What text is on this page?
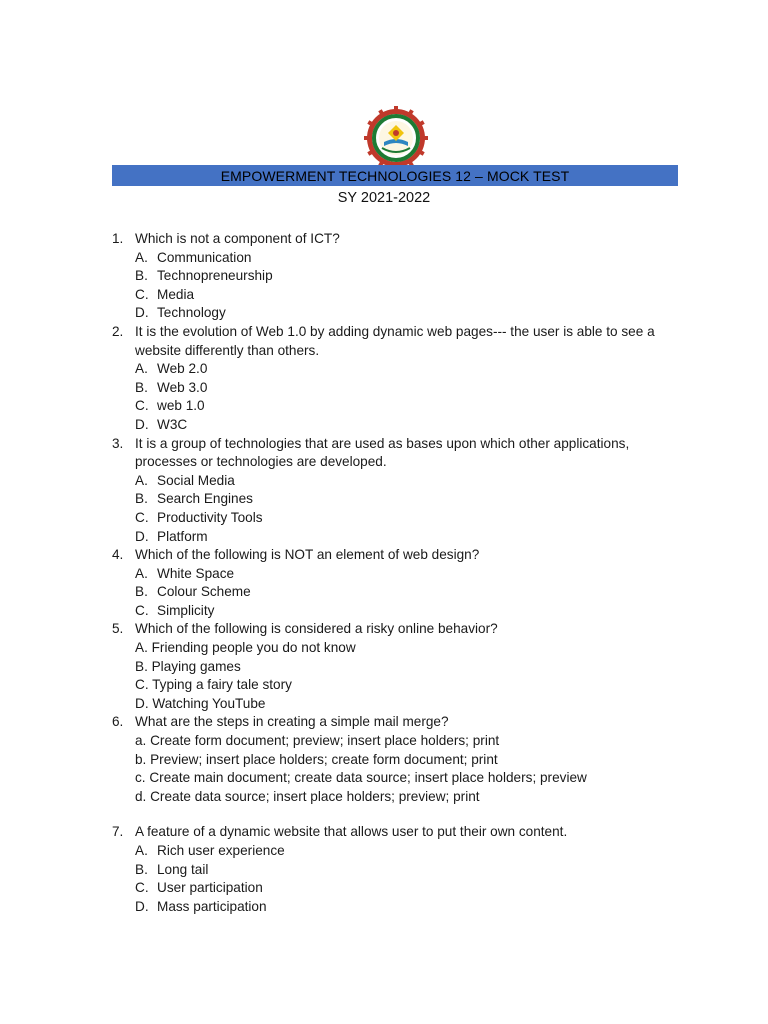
EMPOWERMENT TECHNOLOGIES 12 – MOCK TEST
SY 2021-2022
1. Which is not a component of ICT?
A. Communication
B. Technopreneurship
C. Media
D. Technology
2. It is the evolution of Web 1.0 by adding dynamic web pages--- the user is able to see a website differently than others.
A. Web 2.0
B. Web 3.0
C. web 1.0
D. W3C
3. It is a group of technologies that are used as bases upon which other applications, processes or technologies are developed.
A. Social Media
B. Search Engines
C. Productivity Tools
D. Platform
4. Which of the following is NOT an element of web design?
A. White Space
B. Colour Scheme
C. Simplicity
5. Which of the following is considered a risky online behavior?
A. Friending people you do not know
B. Playing games
C. Typing a fairy tale story
D. Watching YouTube
6. What are the steps in creating a simple mail merge?
a. Create form document; preview; insert place holders; print
b. Preview; insert place holders; create form document; print
c. Create main document; create data source; insert place holders; preview
d. Create data source; insert place holders; preview; print
7. A feature of a dynamic website that allows user to put their own content.
A. Rich user experience
B. Long tail
C. User participation
D. Mass participation
